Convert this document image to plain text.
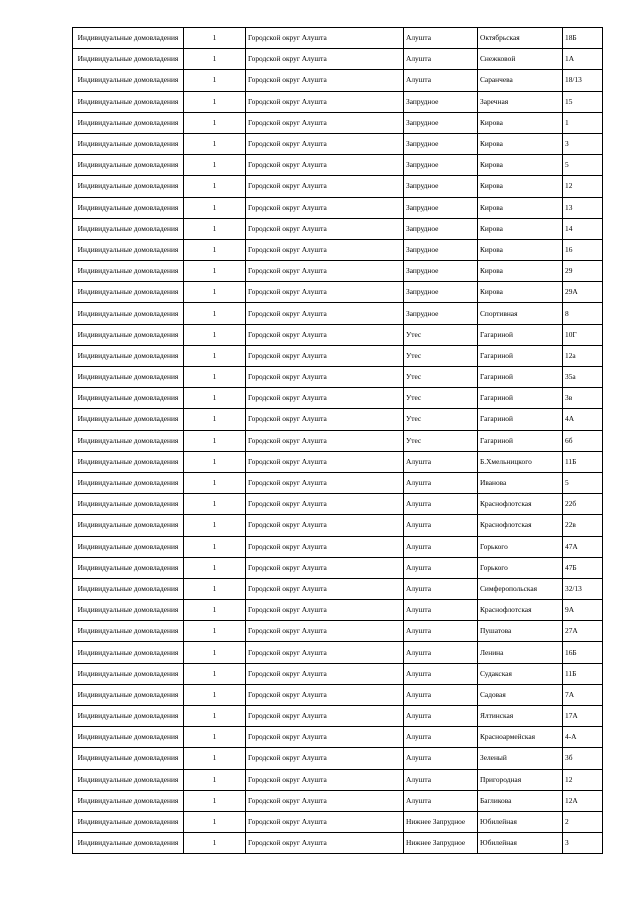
Индивидуальные домовладения	1	Городской округ Алушта	Алушта	Октябрьская	18Б
Индивидуальные домовладения	1	Городской округ Алушта	Алушта	Снежковой	1А
Индивидуальные домовладения	1	Городской округ Алушта	Алушта	Саранчева	18/13
Индивидуальные домовладения	1	Городской округ Алушта	Запрудное	Заречная	15
Индивидуальные домовладения	1	Городской округ Алушта	Запрудное	Кирова	1
Индивидуальные домовладения	1	Городской округ Алушта	Запрудное	Кирова	3
Индивидуальные домовладения	1	Городской округ Алушта	Запрудное	Кирова	5
Индивидуальные домовладения	1	Городской округ Алушта	Запрудное	Кирова	12
Индивидуальные домовладения	1	Городской округ Алушта	Запрудное	Кирова	13
Индивидуальные домовладения	1	Городской округ Алушта	Запрудное	Кирова	14
Индивидуальные домовладения	1	Городской округ Алушта	Запрудное	Кирова	16
Индивидуальные домовладения	1	Городской округ Алушта	Запрудное	Кирова	29
Индивидуальные домовладения	1	Городской округ Алушта	Запрудное	Кирова	29А
Индивидуальные домовладения	1	Городской округ Алушта	Запрудное	Спортивная	8
Индивидуальные домовладения	1	Городской округ Алушта	Утес	Гагариной	10Г
Индивидуальные домовладения	1	Городской округ Алушта	Утес	Гагариной	12а
Индивидуальные домовладения	1	Городской округ Алушта	Утес	Гагариной	35а
Индивидуальные домовладения	1	Городской округ Алушта	Утес	Гагариной	3в
Индивидуальные домовладения	1	Городской округ Алушта	Утес	Гагариной	4А
Индивидуальные домовладения	1	Городской округ Алушта	Утес	Гагариной	6б
Индивидуальные домовладения	1	Городской округ Алушта	Алушта	Б.Хмельницкого	11Б
Индивидуальные домовладения	1	Городской округ Алушта	Алушта	Иванова	5
Индивидуальные домовладения	1	Городской округ Алушта	Алушта	Краснофлотская	22б
Индивидуальные домовладения	1	Городской округ Алушта	Алушта	Краснофлотская	22в
Индивидуальные домовладения	1	Городской округ Алушта	Алушта	Горького	47А
Индивидуальные домовладения	1	Городской округ Алушта	Алушта	Горького	47Б
Индивидуальные домовладения	1	Городской округ Алушта	Алушта	Симферопольская	32/13
Индивидуальные домовладения	1	Городской округ Алушта	Алушта	Краснофлотская	9А
Индивидуальные домовладения	1	Городской округ Алушта	Алушта	Пушатова	27А
Индивидуальные домовладения	1	Городской округ Алушта	Алушта	Ленина	16Б
Индивидуальные домовладения	1	Городской округ Алушта	Алушта	Судакская	11Б
Индивидуальные домовладения	1	Городской округ Алушта	Алушта	Садовая	7А
Индивидуальные домовладения	1	Городской округ Алушта	Алушта	Ялтинская	17А
Индивидуальные домовладения	1	Городской округ Алушта	Алушта	Красноармейская	4-А
Индивидуальные домовладения	1	Городской округ Алушта	Алушта	Зеленый	3б
Индивидуальные домовладения	1	Городской округ Алушта	Алушта	Пригородная	12
Индивидуальные домовладения	1	Городской округ Алушта	Алушта	Багликова	12А
Индивидуальные домовладения	1	Городской округ Алушта	Нижнее Запрудное	Юбилейная	2
Индивидуальные домовладения	1	Городской округ Алушта	Нижнее Запрудное	Юбилейная	3
